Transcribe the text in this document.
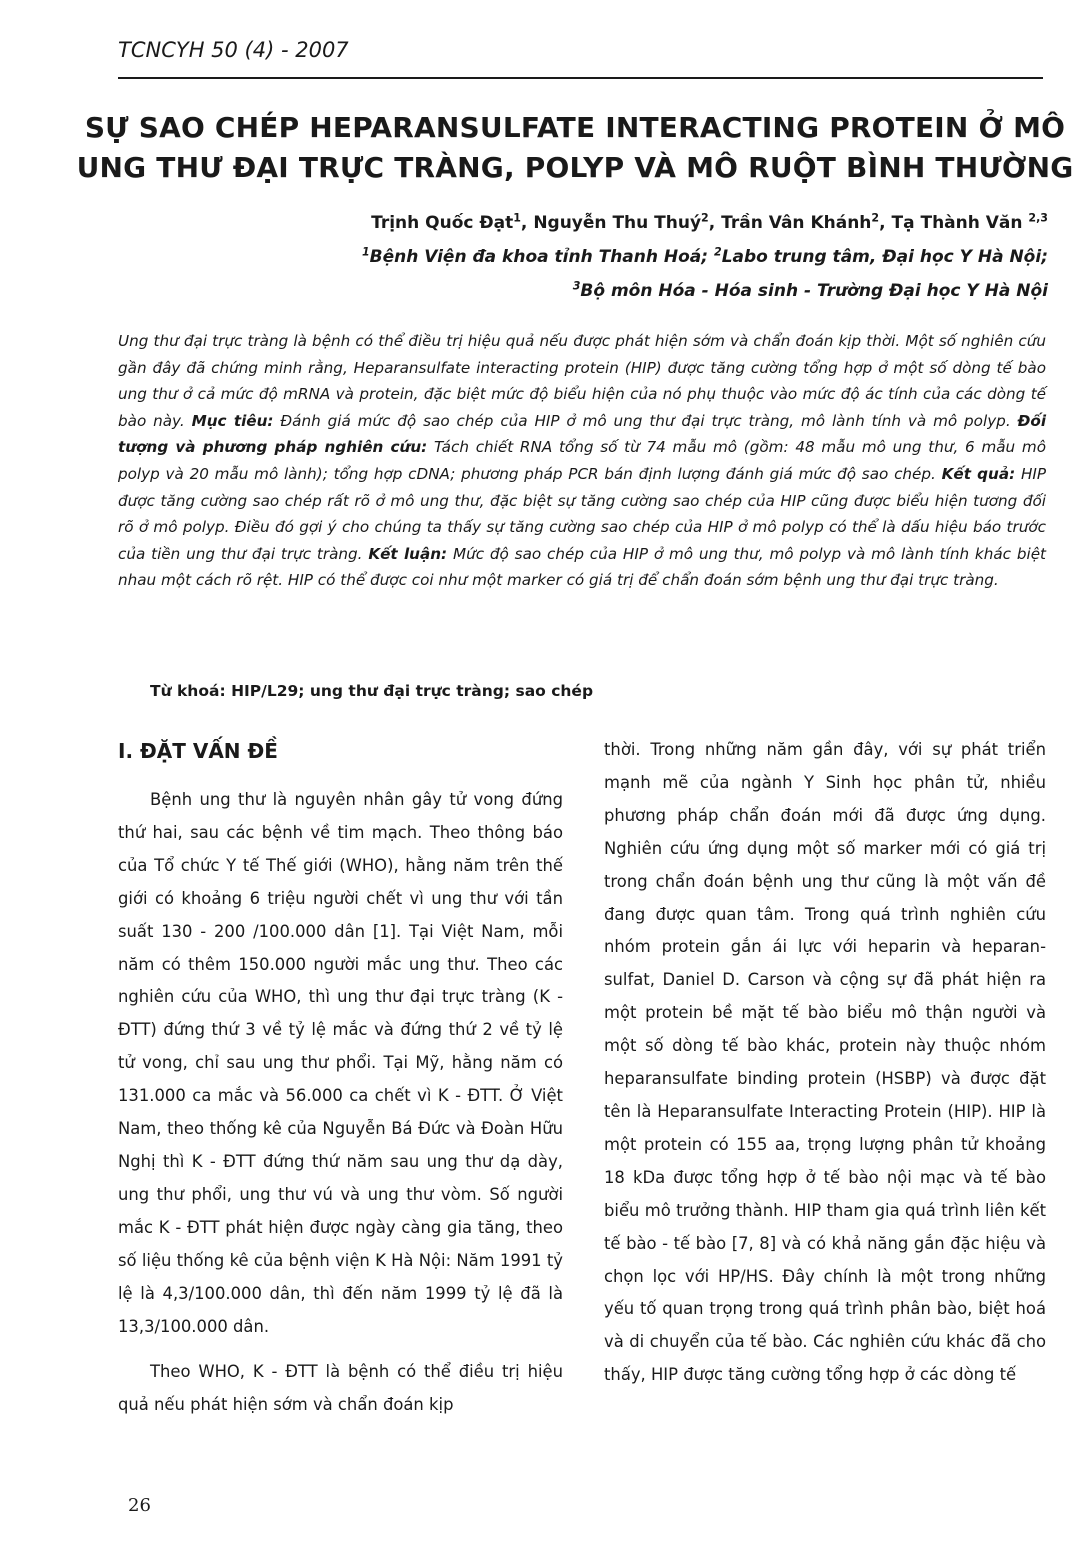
TCNCYH 50 (4) - 2007
SỰ SAO CHÉP HEPARANSULFATE INTERACTING PROTEIN Ở MÔ
UNG THƯ ĐẠI TRỰC TRÀNG, POLYP VÀ MÔ RUỘT BÌNH THƯỜNG
Trịnh Quốc Đạt$^1$, Nguyễn Thu Thuý$^2$, Trần Vân Khánh$^2$, Tạ Thành Văn $^{2,3}$
$^1$Bệnh Viện đa khoa tỉnh Thanh Hoá; $^2$Labo trung tâm, Đại học Y Hà Nội;
$^3$Bộ môn Hóa - Hóa sinh - Trường Đại học Y Hà Nội
Ung thư đại trực tràng là bệnh có thể điều trị hiệu quả nếu được phát hiện sớm và chẩn đoán kịp thời. Một số nghiên cứu gần đây đã chứng minh rằng, Heparansulfate interacting protein (HIP) được tăng cường tổng hợp ở một số dòng tế bào ung thư ở cả mức độ mRNA và protein, đặc biệt mức độ biểu hiện của nó phụ thuộc vào mức độ ác tính của các dòng tế bào này. Mục tiêu: Đánh giá mức độ sao chép của HIP ở mô ung thư đại trực tràng, mô lành tính và mô polyp. Đối tượng và phương pháp nghiên cứu: Tách chiết RNA tổng số từ 74 mẫu mô (gồm: 48 mẫu mô ung thư, 6 mẫu mô polyp và 20 mẫu mô lành); tổng hợp cDNA; phương pháp PCR bán định lượng đánh giá mức độ sao chép. Kết quả: HIP được tăng cường sao chép rất rõ ở mô ung thư, đặc biệt sự tăng cường sao chép của HIP cũng được biểu hiện tương đối rõ ở mô polyp. Điều đó gợi ý cho chúng ta thấy sự tăng cường sao chép của HIP ở mô polyp có thể là dấu hiệu báo trước của tiền ung thư đại trực tràng. Kết luận: Mức độ sao chép của HIP ở mô ung thư, mô polyp và mô lành tính khác biệt nhau một cách rõ rệt. HIP có thể được coi như một marker có giá trị để chẩn đoán sớm bệnh ung thư đại trực tràng.
Từ khoá: HIP/L29; ung thư đại trực tràng; sao chép
I. ĐẶT VẤN ĐỀ

Bệnh ung thư là nguyên nhân gây tử vong đứng thứ hai, sau các bệnh về tim mạch. Theo thông báo của Tổ chức Y tế Thế giới (WHO), hằng năm trên thế giới có khoảng 6 triệu người chết vì ung thư với tần suất 130 - 200 /100.000 dân [1]. Tại Việt Nam, mỗi năm có thêm 150.000 người mắc ung thư. Theo các nghiên cứu của WHO, thì ung thư đại trực tràng (K - ĐTT) đứng thứ 3 về tỷ lệ mắc và đứng thứ 2 về tỷ lệ tử vong, chỉ sau ung thư phổi. Tại Mỹ, hằng năm có 131.000 ca mắc và 56.000 ca chết vì K - ĐTT. Ở Việt Nam, theo thống kê của Nguyễn Bá Đức và Đoàn Hữu Nghị thì K - ĐTT đứng thứ năm sau ung thư dạ dày, ung thư phổi, ung thư vú và ung thư vòm. Số người mắc K - ĐTT phát hiện được ngày càng gia tăng, theo số liệu thống kê của bệnh viện K Hà Nội: Năm 1991 tỷ lệ là 4,3/100.000 dân, thì đến năm 1999 tỷ lệ đã là 13,3/100.000 dân.

Theo WHO, K - ĐTT là bệnh có thể điều trị hiệu quả nếu phát hiện sớm và chẩn đoán kịp

thời. Trong những năm gần đây, với sự phát triển mạnh mẽ của ngành Y Sinh học phân tử, nhiều phương pháp chẩn đoán mới đã được ứng dụng. Nghiên cứu ứng dụng một số marker mới có giá trị trong chẩn đoán bệnh ung thư cũng là một vấn đề đang được quan tâm. Trong quá trình nghiên cứu nhóm protein gắn ái lực với heparin và heparan-sulfat, Daniel D. Carson và cộng sự đã phát hiện ra một protein bề mặt tế bào biểu mô thận người và một số dòng tế bào khác, protein này thuộc nhóm heparansulfate binding protein (HSBP) và được đặt tên là Heparansulfate Interacting Protein (HIP). HIP là một protein có 155 aa, trọng lượng phân tử khoảng 18 kDa được tổng hợp ở tế bào nội mạc và tế bào biểu mô trưởng thành. HIP tham gia quá trình liên kết tế bào - tế bào [7, 8] và có khả năng gắn đặc hiệu và chọn lọc với HP/HS. Đây chính là một trong những yếu tố quan trọng trong quá trình phân bào, biệt hoá và di chuyển của tế bào. Các nghiên cứu khác đã cho thấy, HIP được tăng cường tổng hợp ở các dòng tế

26
